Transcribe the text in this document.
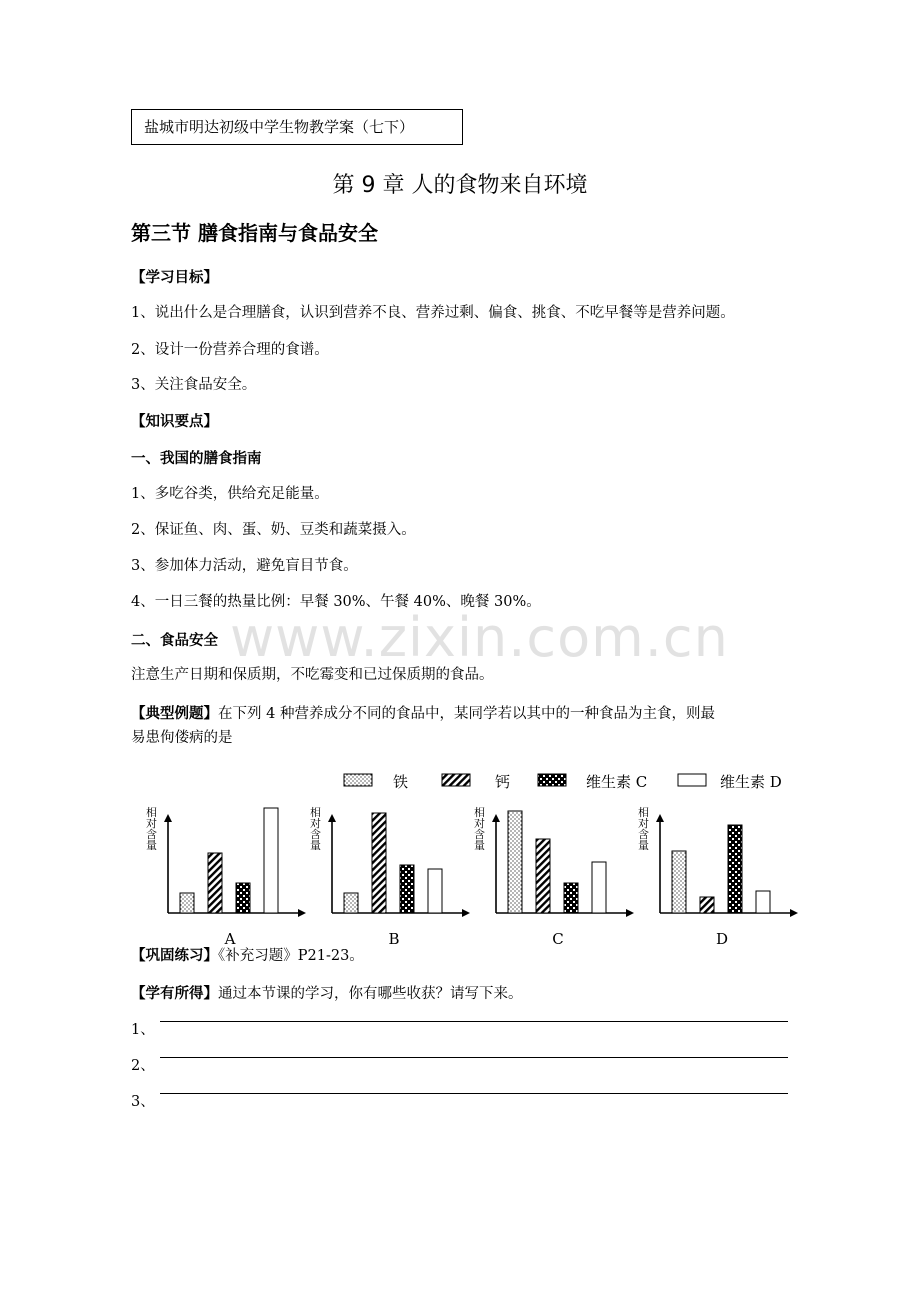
盐城市明达初级中学生物教学案（七下）
第 9 章 人的食物来自环境
第三节 膳食指南与食品安全
【学习目标】
1、说出什么是合理膳食，认识到营养不良、营养过剩、偏食、挑食、不吃早餐等是营养问题。
2、设计一份营养合理的食谱。
3、关注食品安全。
【知识要点】
一、我国的膳食指南
1、多吃谷类，供给充足能量。
2、保证鱼、肉、蛋、奶、豆类和蔬菜摄入。
3、参加体力活动，避免盲目节食。
4、一日三餐的热量比例：早餐 30%、午餐 40%、晚餐 30%。
二、食品安全
注意生产日期和保质期，不吃霉变和已过保质期的食品。
www.zixin.com.cn
【典型例题】在下列 4 种营养成分不同的食品中，某同学若以其中的一种食品为主食，则最
易患佝偻病的是
铁	钙	维生素 C	维生素 D
相
对
含
量
A
相
对
含
量
B
相
对
含
量
C
相
对
含
量
D
【巩固练习】《补充习题》P21-23。
【学有所得】通过本节课的学习，你有哪些收获？请写下来。
1、
2、
3、
